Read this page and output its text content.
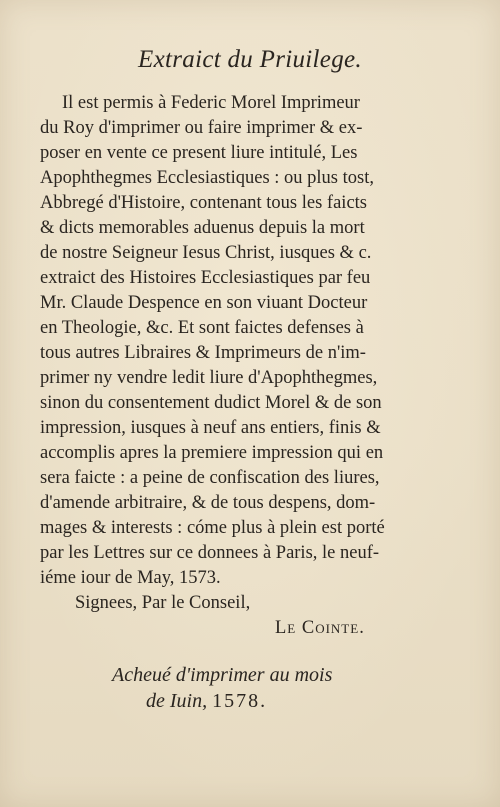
Extraict du Priuilege.
Il est permis à Federic Morel Imprimeur
du Roy d'imprimer ou faire imprimer & ex-
poser en vente ce present liure intitulé, Les
Apophthegmes Ecclesiastiques : ou plus tost,
Abbregé d'Histoire, contenant tous les faicts
& dicts memorables aduenus depuis la mort
de nostre Seigneur Iesus Christ, iusques & c.
extraict des Histoires Ecclesiastiques par feu
Mr. Claude Despence en son viuant Docteur
en Theologie, &c. Et sont faictes defenses à
tous autres Libraires & Imprimeurs de n'im-
primer ny vendre ledit liure d'Apophthegmes,
sinon du consentement dudict Morel & de son
impression, iusques à neuf ans entiers, finis &
accomplis apres la premiere impression qui en
sera faicte : a peine de confiscation des liures,
d'amende arbitraire, & de tous despens, dom-
mages & interests : cóme plus à plein est porté
par les Lettres sur ce donnees à Paris, le neuf-
iéme iour de May, 1573.
Signees, Par le Conseil,
Le Cointe.
Acheué d'imprimer au mois
de Iuin, 1578.
